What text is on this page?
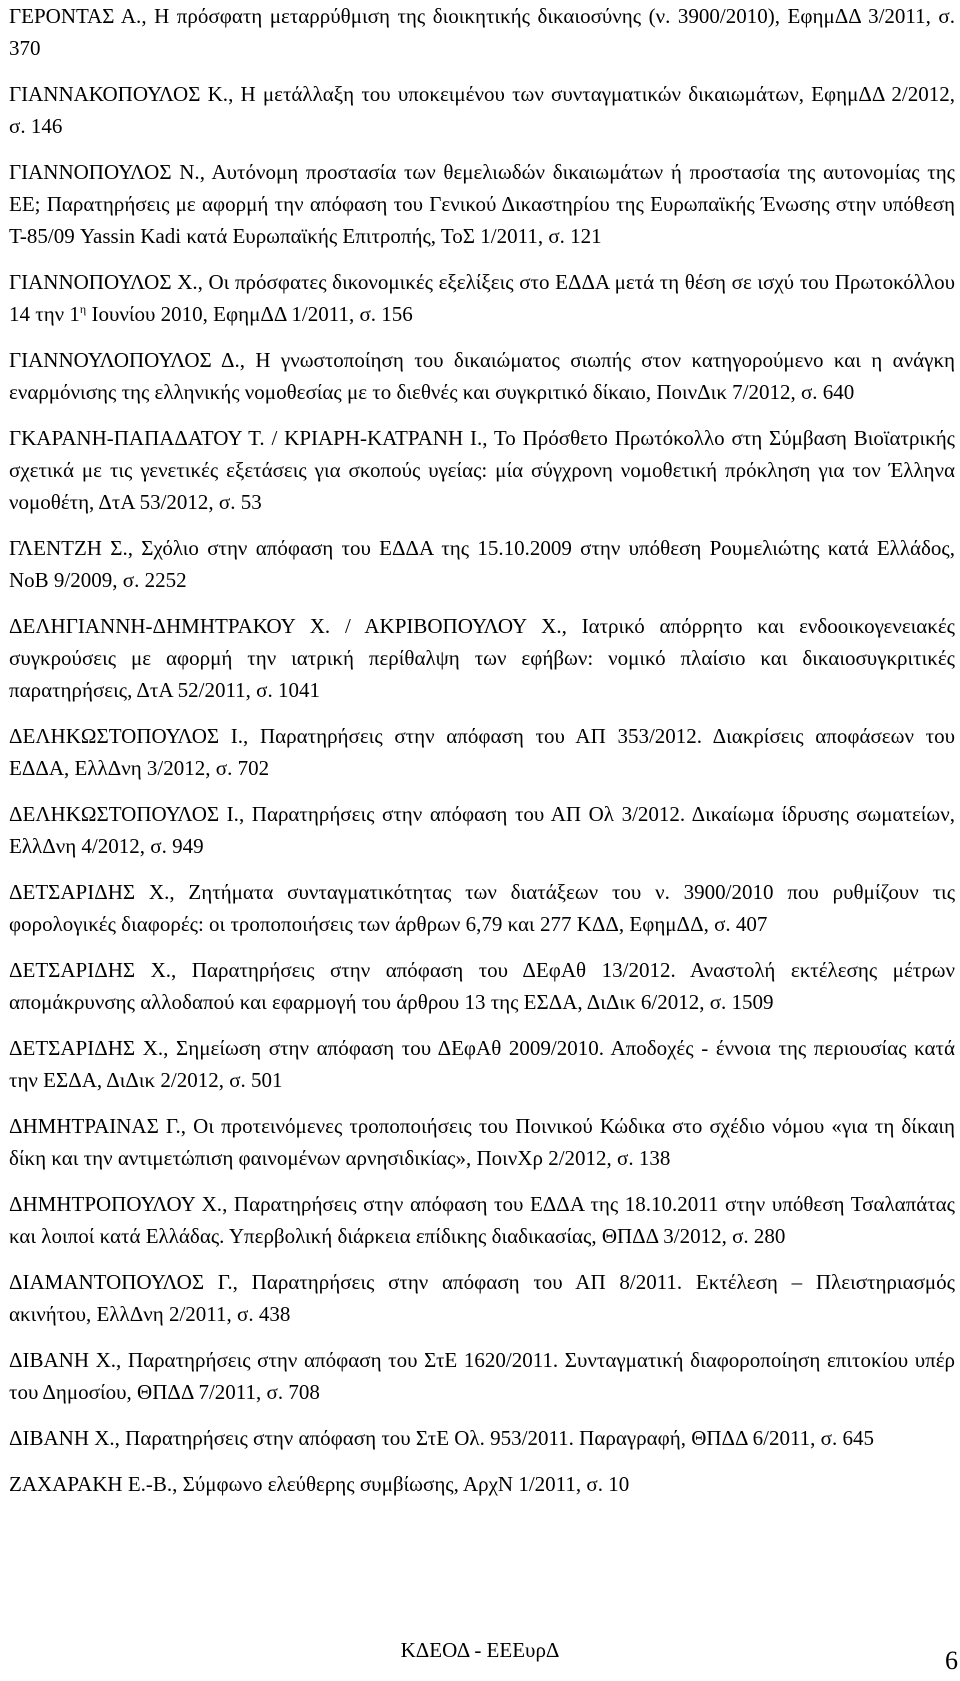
ΓΕΡΟΝΤΑΣ Α., Η πρόσφατη μεταρρύθμιση της διοικητικής δικαιοσύνης (ν. 3900/2010), ΕφημΔΔ 3/2011, σ. 370

ΓΙΑΝΝΑΚΟΠΟΥΛΟΣ Κ., Η μετάλλαξη του υποκειμένου των συνταγματικών δικαιωμάτων, ΕφημΔΔ 2/2012, σ. 146

ΓΙΑΝΝΟΠΟΥΛΟΣ Ν., Αυτόνομη προστασία των θεμελιωδών δικαιωμάτων ή προστασία της αυτονομίας της ΕΕ; Παρατηρήσεις με αφορμή την απόφαση του Γενικού Δικαστηρίου της Ευρωπαϊκής Ένωσης στην υπόθεση Τ-85/09 Yassin Kadi κατά Ευρωπαϊκής Επιτροπής, ΤοΣ 1/2011, σ. 121

ΓΙΑΝΝΟΠΟΥΛΟΣ Χ., Οι πρόσφατες δικονομικές εξελίξεις στο ΕΔΔΑ μετά τη θέση σε ισχύ του Πρωτοκόλλου 14 την $1^\eta$ Ιουνίου 2010, ΕφημΔΔ 1/2011, σ. 156

ΓΙΑΝΝΟΥΛΟΠΟΥΛΟΣ Δ., Η γνωστοποίηση του δικαιώματος σιωπής στον κατηγορούμενο και η ανάγκη εναρμόνισης της ελληνικής νομοθεσίας με το διεθνές και συγκριτικό δίκαιο, ΠοινΔικ 7/2012, σ. 640

ΓΚΑΡΑΝΗ-ΠΑΠΑΔΑΤΟΥ Τ. / ΚΡΙΑΡΗ-ΚΑΤΡΑΝΗ Ι., Το Πρόσθετο Πρωτόκολλο στη Σύμβαση Βιοϊατρικής σχετικά με τις γενετικές εξετάσεις για σκοπούς υγείας: μία σύγχρονη νομοθετική πρόκληση για τον Έλληνα νομοθέτη, ΔτΑ 53/2012, σ. 53

ΓΛΕΝΤΖΗ Σ., Σχόλιο στην απόφαση του ΕΔΔΑ της 15.10.2009 στην υπόθεση Ρουμελιώτης κατά Ελλάδος, ΝοΒ 9/2009, σ. 2252

ΔΕΛΗΓΙΑΝΝΗ-ΔΗΜΗΤΡΑΚΟΥ Χ. / ΑΚΡΙΒΟΠΟΥΛΟΥ Χ., Ιατρικό απόρρητο και ενδοοικογενειακές συγκρούσεις με αφορμή την ιατρική περίθαλψη των εφήβων: νομικό πλαίσιο και δικαιοσυγκριτικές παρατηρήσεις, ΔτΑ 52/2011, σ. 1041

ΔΕΛΗΚΩΣΤΟΠΟΥΛΟΣ Ι., Παρατηρήσεις στην απόφαση του ΑΠ 353/2012. Διακρίσεις αποφάσεων του ΕΔΔΑ, ΕλλΔνη 3/2012, σ. 702

ΔΕΛΗΚΩΣΤΟΠΟΥΛΟΣ Ι., Παρατηρήσεις στην απόφαση του ΑΠ Ολ 3/2012. Δικαίωμα ίδρυσης σωματείων, ΕλλΔνη 4/2012, σ. 949

ΔΕΤΣΑΡΙΔΗΣ Χ., Ζητήματα συνταγματικότητας των διατάξεων του ν. 3900/2010 που ρυθμίζουν τις φορολογικές διαφορές: οι τροποποιήσεις των άρθρων 6,79 και 277 ΚΔΔ, ΕφημΔΔ, σ. 407

ΔΕΤΣΑΡΙΔΗΣ Χ., Παρατηρήσεις στην απόφαση του ΔΕφΑθ 13/2012. Αναστολή εκτέλεσης μέτρων απομάκρυνσης αλλοδαπού και εφαρμογή του άρθρου 13 της ΕΣΔΑ, ΔιΔικ 6/2012, σ. 1509

ΔΕΤΣΑΡΙΔΗΣ Χ., Σημείωση στην απόφαση του ΔΕφΑθ 2009/2010. Αποδοχές - έννοια της περιουσίας κατά την ΕΣΔΑ, ΔιΔικ 2/2012, σ. 501

ΔΗΜΗΤΡΑΙΝΑΣ Γ., Οι προτεινόμενες τροποποιήσεις του Ποινικού Κώδικα στο σχέδιο νόμου «για τη δίκαιη δίκη και την αντιμετώπιση φαινομένων αρνησιδικίας», ΠοινΧρ 2/2012, σ. 138

ΔΗΜΗΤΡΟΠΟΥΛΟΥ Χ., Παρατηρήσεις στην απόφαση του ΕΔΔΑ της 18.10.2011 στην υπόθεση Τσαλαπάτας και λοιποί κατά Ελλάδας. Υπερβολική διάρκεια επίδικης διαδικασίας, ΘΠΔΔ 3/2012, σ. 280

ΔΙΑΜΑΝΤΟΠΟΥΛΟΣ Γ., Παρατηρήσεις στην απόφαση του ΑΠ 8/2011. Εκτέλεση – Πλειστηριασμός ακινήτου, ΕλλΔνη 2/2011, σ. 438

ΔΙΒΑΝΗ Χ., Παρατηρήσεις στην απόφαση του ΣτΕ 1620/2011. Συνταγματική διαφοροποίηση επιτοκίου υπέρ του Δημοσίου, ΘΠΔΔ 7/2011, σ. 708

ΔΙΒΑΝΗ Χ., Παρατηρήσεις στην απόφαση του ΣτΕ Ολ. 953/2011. Παραγραφή, ΘΠΔΔ 6/2011, σ. 645

ΖΑΧΑΡΑΚΗ Ε.-Β., Σύμφωνο ελεύθερης συμβίωσης, ΑρχΝ 1/2011, σ. 10

ΚΔΕΟΔ - ΕΕΕυρΔ	6
